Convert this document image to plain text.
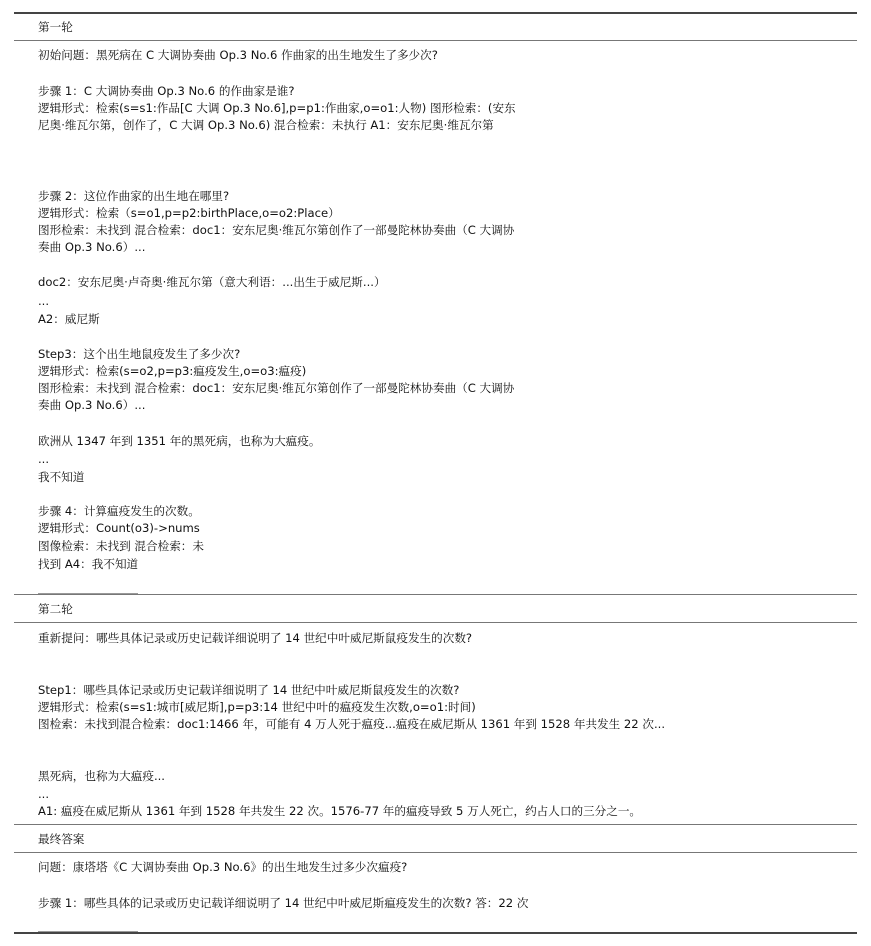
第一轮
初始问题：黑死病在 C 大调协奏曲 Op.3 No.6 作曲家的出生地发生了多少次?
步骤 1：C 大调协奏曲 Op.3 No.6 的作曲家是谁?
逻辑形式：检索(s=s1:作品[C 大调 Op.3 No.6],p=p1:作曲家,o=o1:人物) 图形检索：(安东
尼奥·维瓦尔第，创作了，C 大调 Op.3 No.6) 混合检索：未执行 A1：安东尼奥·维瓦尔第
步骤 2：这位作曲家的出生地在哪里?
逻辑形式：检索（s=o1,p=p2:birthPlace,o=o2:Place）
图形检索：未找到 混合检索：doc1：安东尼奥·维瓦尔第创作了一部曼陀林协奏曲（C 大调协
奏曲 Op.3 No.6）...
doc2：安东尼奥·卢奇奥·维瓦尔第（意大利语：...出生于威尼斯...）
...
A2：威尼斯
Step3：这个出生地鼠疫发生了多少次?
逻辑形式：检索(s=o2,p=p3:瘟疫发生,o=o3:瘟疫)
图形检索：未找到 混合检索：doc1：安东尼奥·维瓦尔第创作了一部曼陀林协奏曲（C 大调协
奏曲 Op.3 No.6）...
欧洲从 1347 年到 1351 年的黑死病，也称为大瘟疫。
...
我不知道
步骤 4：计算瘟疫发生的次数。
逻辑形式：Count(o3)->nums
图像检索：未找到 混合检索：未
找到 A4：我不知道
第二轮
重新提问：哪些具体记录或历史记载详细说明了 14 世纪中叶威尼斯鼠疫发生的次数?
Step1：哪些具体记录或历史记载详细说明了 14 世纪中叶威尼斯鼠疫发生的次数?
逻辑形式：检索(s=s1:城市[威尼斯],p=p3:14 世纪中叶的瘟疫发生次数,o=o1:时间)
图检索：未找到混合检索：doc1:1466 年，可能有 4 万人死于瘟疫...瘟疫在威尼斯从 1361 年到 1528 年共发生 22 次...
黑死病，也称为大瘟疫...
...
A1: 瘟疫在威尼斯从 1361 年到 1528 年共发生 22 次。1576-77 年的瘟疫导致 5 万人死亡，约占人口的三分之一。
最终答案
问题：康塔塔《C 大调协奏曲 Op.3 No.6》的出生地发生过多少次瘟疫?
步骤 1：哪些具体的记录或历史记载详细说明了 14 世纪中叶威尼斯瘟疫发生的次数? 答：22 次
